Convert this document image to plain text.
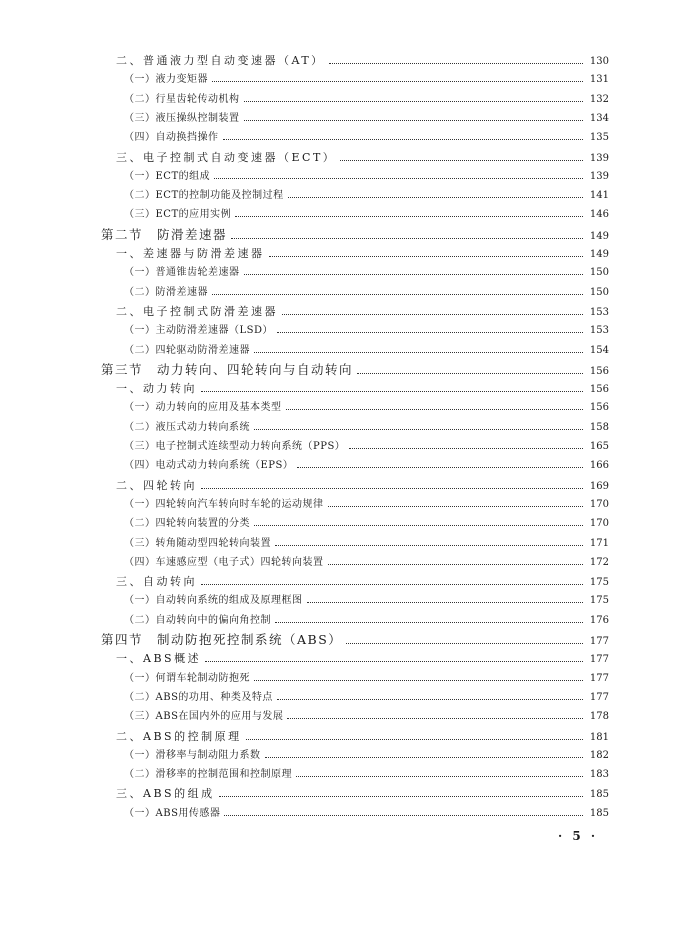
二、普通液力型自动变速器（AT）	130
（一）液力变矩器	131
（二）行星齿轮传动机构	132
（三）液压操纵控制装置	134
（四）自动换挡操作	135
三、电子控制式自动变速器（ECT）	139
（一）ECT的组成	139
（二）ECT的控制功能及控制过程	141
（三）ECT的应用实例	146
第二节　防滑差速器	149
一、差速器与防滑差速器	149
（一）普通锥齿轮差速器	150
（二）防滑差速器	150
二、电子控制式防滑差速器	153
（一）主动防滑差速器（LSD）	153
（二）四轮驱动防滑差速器	154
第三节　动力转向、四轮转向与自动转向	156
一、动力转向	156
（一）动力转向的应用及基本类型	156
（二）液压式动力转向系统	158
（三）电子控制式连续型动力转向系统（PPS）	165
（四）电动式动力转向系统（EPS）	166
二、四轮转向	169
（一）四轮转向汽车转向时车轮的运动规律	170
（二）四轮转向装置的分类	170
（三）转角随动型四轮转向装置	171
（四）车速感应型（电子式）四轮转向装置	172
三、自动转向	175
（一）自动转向系统的组成及原理框图	175
（二）自动转向中的偏向角控制	176
第四节　制动防抱死控制系统（ABS）	177
一、ABS概述	177
（一）何谓车轮制动防抱死	177
（二）ABS的功用、种类及特点	177
（三）ABS在国内外的应用与发展	178
二、ABS的控制原理	181
（一）滑移率与制动阻力系数	182
（二）滑移率的控制范围和控制原理	183
三、ABS的组成	185
（一）ABS用传感器	185
· 5 ·
